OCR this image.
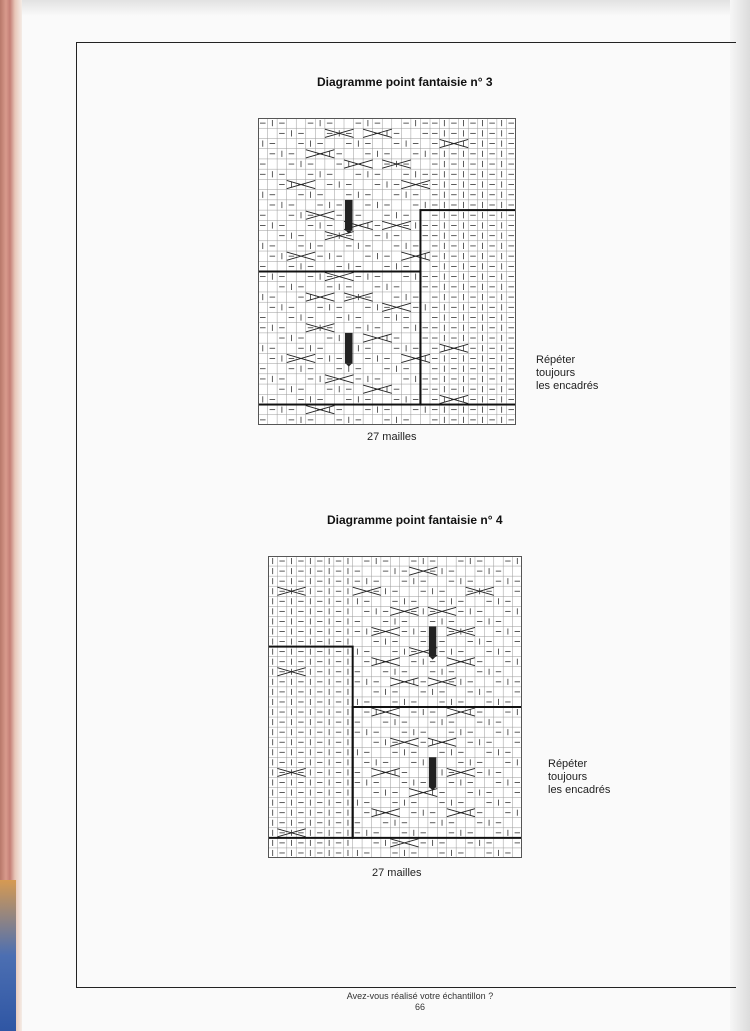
Diagramme point fantaisie n° 3
Répéter
toujours
les encadrés
27 mailles
Diagramme point fantaisie n° 4
Répéter
toujours
les encadrés
27 mailles
Avez-vous réalisé votre échantillon ?
66
